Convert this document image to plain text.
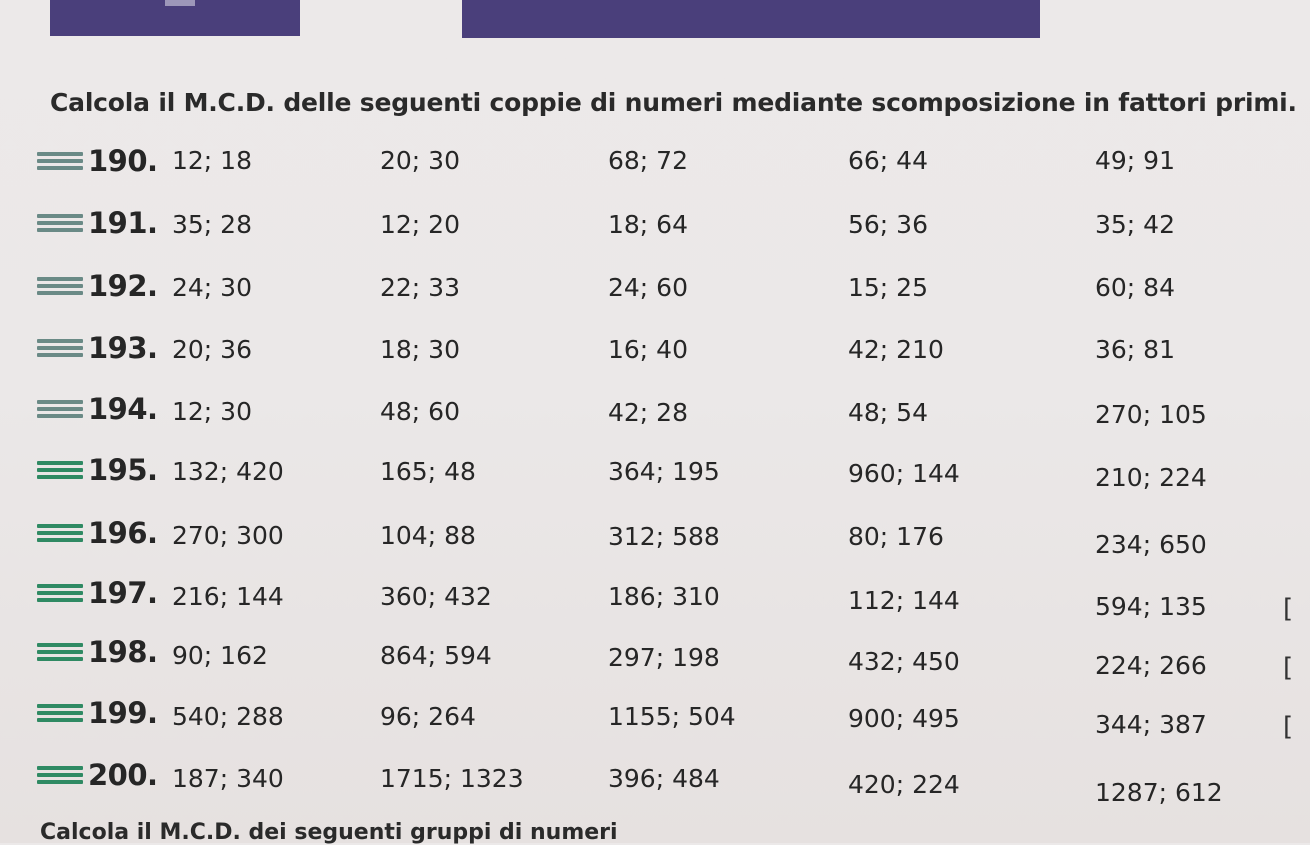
Calcola il M.C.D. delle seguenti coppie di numeri mediante scomposizione in fattori primi.
190. 12; 18	20; 30	68; 72	66; 44	49; 91
191. 35; 28	12; 20	18; 64	56; 36	35; 42
192. 24; 30	22; 33	24; 60	15; 25	60; 84
193. 20; 36	18; 30	16; 40	42; 210	36; 81
194. 12; 30	48; 60	42; 28	48; 54	270; 105
195. 132; 420	165; 48	364; 195	960; 144	210; 224
196. 270; 300	104; 88	312; 588	80; 176	234; 650
197. 216; 144	360; 432	186; 310	112; 144	594; 135	[
198. 90; 162	864; 594	297; 198	432; 450	224; 266	[
199. 540; 288	96; 264	1155; 504	900; 495	344; 387	[
200. 187; 340	1715; 1323	396; 484	420; 224	1287; 612
Calcola il M.C.D. dei seguenti gruppi di numeri
